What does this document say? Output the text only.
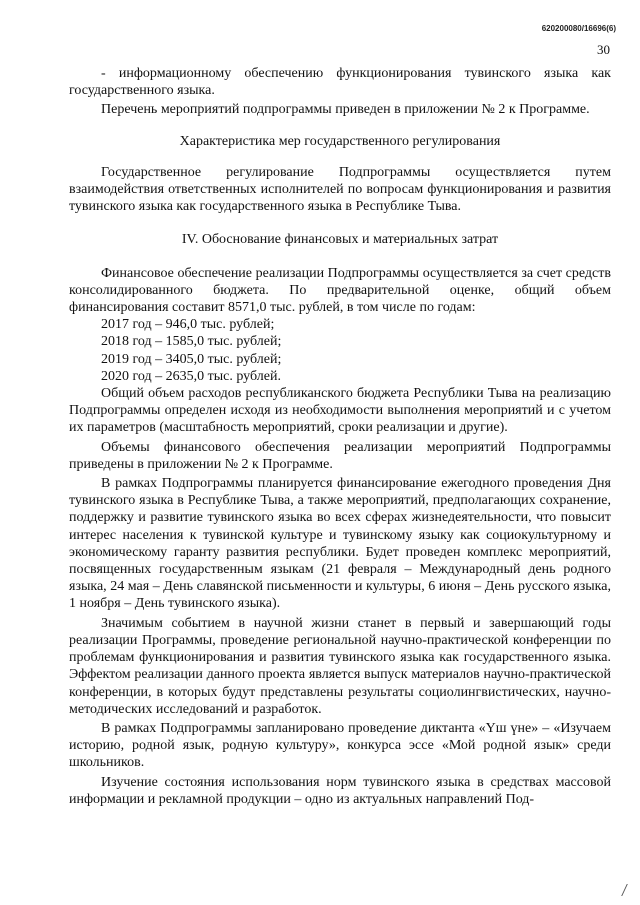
620200080/16696(6)
30

- информационному обеспечению функционирования тувинского языка как государственного языка.

Перечень мероприятий подпрограммы приведен в приложении № 2 к Программе.

Характеристика мер государственного регулирования

Государственное регулирование Подпрограммы осуществляется путем взаимодействия ответственных исполнителей по вопросам функционирования и развития тувинского языка как государственного языка в Республике Тыва.

IV. Обоснование финансовых и материальных затрат

Финансовое обеспечение реализации Подпрограммы осуществляется за счет средств консолидированного бюджета. По предварительной оценке, общий объем финансирования составит 8571,0 тыс. рублей, в том числе по годам:

2017 год – 946,0 тыс. рублей;

2018 год – 1585,0 тыс. рублей;

2019 год – 3405,0 тыс. рублей;

2020 год – 2635,0 тыс. рублей.

Общий объем расходов республиканского бюджета Республики Тыва на реализацию Подпрограммы определен исходя из необходимости выполнения мероприятий и с учетом их параметров (масштабность мероприятий, сроки реализации и другие).

Объемы финансового обеспечения реализации мероприятий Подпрограммы приведены в приложении № 2 к Программе.

В рамках Подпрограммы планируется финансирование ежегодного проведения Дня тувинского языка в Республике Тыва, а также мероприятий, предполагающих сохранение, поддержку и развитие тувинского языка во всех сферах жизнедеятельности, что повысит интерес населения к тувинской культуре и тувинскому языку как социокультурному и экономическому гаранту развития республики. Будет проведен комплекс мероприятий, посвященных государственным языкам (21 февраля – Международный день родного языка, 24 мая – День славянской письменности и культуры, 6 июня – День русского языка, 1 ноября – День тувинского языка).

Значимым событием в научной жизни станет в первый и завершающий годы реализации Программы, проведение региональной научно-практической конференции по проблемам функционирования и развития тувинского языка как государственного языка. Эффектом реализации данного проекта является выпуск материалов научно-практической конференции, в которых будут представлены результаты социолингвистических, научно-методических исследований и разработок.

В рамках Подпрограммы запланировано проведение диктанта «Үш үне» – «Изучаем историю, родной язык, родную культуру», конкурса эссе «Мой родной язык» среди школьников.

Изучение состояния использования норм тувинского языка в средствах массовой информации и рекламной продукции – одно из актуальных направлений Под-
